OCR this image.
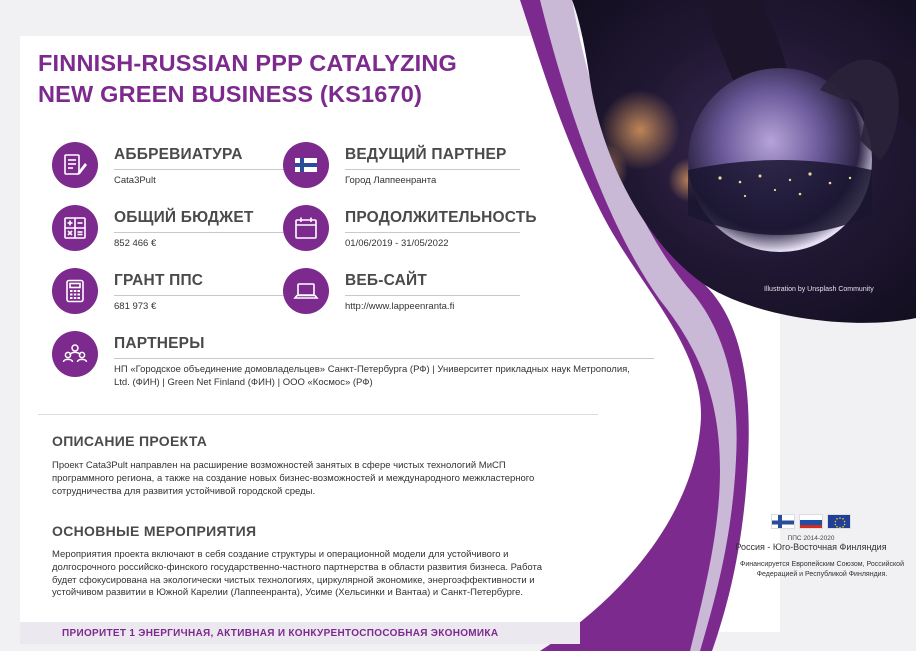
FINNISH-RUSSIAN PPP CATALYZING
NEW GREEN BUSINESS (KS1670)
АББРЕВИАТУРА
Cata3Pult
ВЕДУЩИЙ ПАРТНЕР
Город Лаппеенранта
ОБЩИЙ БЮДЖЕТ
852 466 €
ПРОДОЛЖИТЕЛЬНОСТЬ
01/06/2019 - 31/05/2022
ГРАНТ ППС
681 973 €
ВЕБ-САЙТ
http://www.lappeenranta.fi
ПАРТНЕРЫ
НП «Городское объединение домовладельцев» Санкт-Петербурга (РФ) | Университет прикладных наук Метрополия, Ltd. (ФИН) | Green Net Finland (ФИН) | ООО «Космос» (РФ)
ОПИСАНИЕ ПРОЕКТА
Проект Cata3Pult направлен на расширение возможностей занятых в сфере чистых технологий МиСП программного региона, а также на создание новых бизнес-возможностей и международного межкластерного сотрудничества для развития устойчивой городской среды.
ОСНОВНЫЕ МЕРОПРИЯТИЯ
Мероприятия проекта включают в себя создание структуры и операционной модели для устойчивого и долгосрочного российско-финского государственно-частного партнерства в области развития бизнеса. Работа будет сфокусирована на экологически чистых технологиях, циркулярной экономике, энергоэффективности и устойчивом развитии в Южной Карелии (Лаппеенранта), Усиме (Хельсинки и Вантаа) и Санкт-Петербурге.
ПРИОРИТЕТ 1 ЭНЕРГИЧНАЯ, АКТИВНАЯ И КОНКУРЕНТОСПОСОБНАЯ ЭКОНОМИКА
Illustration by Unsplash Community
ППС 2014-2020
Россия - Юго-Восточная Финляндия
Финансируется Европейским Союзом, Российской Федерацией и Республикой Финляндия.
